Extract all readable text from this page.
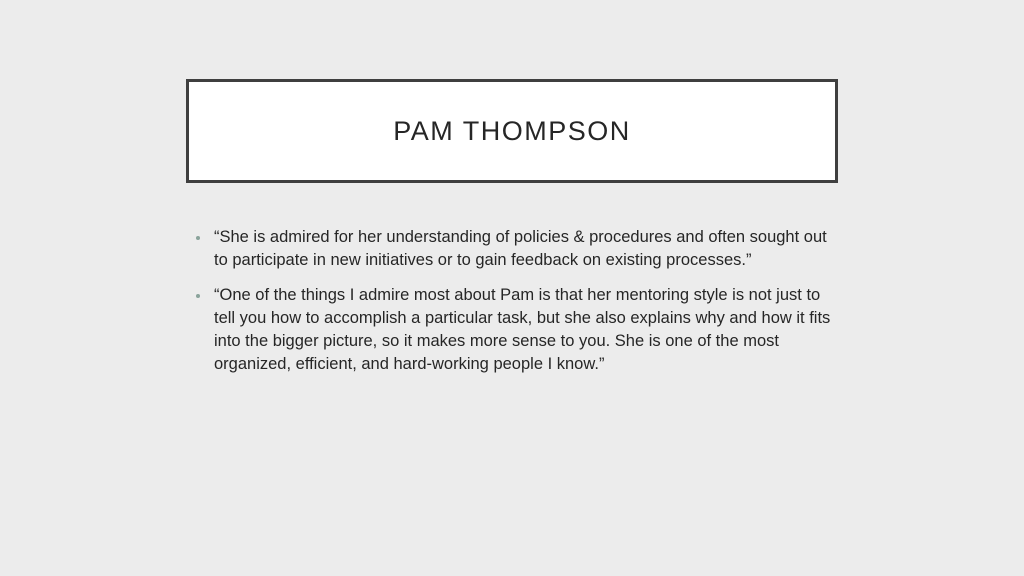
PAM THOMPSON
“She is admired for her understanding of policies & procedures and often sought out to participate in new initiatives or to gain feedback on existing processes.”
“One of the things I admire most about Pam is that her mentoring style is not just to tell you how to accomplish a particular task, but she also explains why and how it fits into the bigger picture, so it makes more sense to you. She is one of the most organized, efficient, and hard-working people I know.”
